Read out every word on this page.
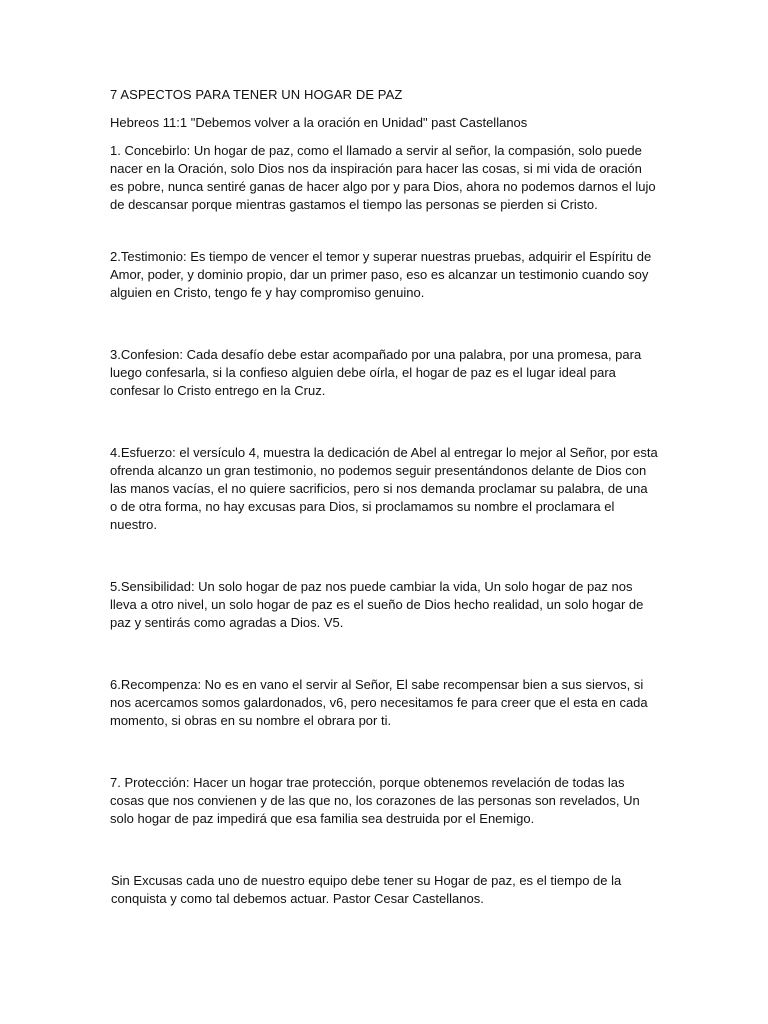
7 ASPECTOS PARA TENER UN HOGAR DE PAZ

Hebreos 11:1 "Debemos volver a la oración en Unidad" past Castellanos

1. Concebirlo: Un hogar de paz, como el llamado a servir al señor, la compasión, solo puede nacer en la Oración, solo Dios nos da inspiración para hacer las cosas, si mi vida de oración es pobre, nunca sentiré ganas de hacer algo por y para Dios, ahora no podemos darnos el lujo de descansar porque mientras gastamos el tiempo las personas se pierden si Cristo.

2.Testimonio: Es tiempo de vencer el temor y superar nuestras pruebas, adquirir el Espíritu de Amor, poder, y dominio propio, dar un primer paso, eso es alcanzar un testimonio cuando soy alguien en Cristo, tengo fe y hay compromiso genuino.

3.Confesion: Cada desafío debe estar acompañado por una palabra, por una promesa, para luego confesarla, si la confieso alguien debe oírla, el hogar de paz es el lugar ideal para confesar lo Cristo entrego en la Cruz.

4.Esfuerzo: el versículo 4, muestra la dedicación de Abel al entregar lo mejor al Señor, por esta ofrenda alcanzo un gran testimonio, no podemos seguir presentándonos delante de Dios con las manos vacías, el no quiere sacrificios, pero si nos demanda proclamar su palabra, de una o de otra forma, no hay excusas para Dios, si proclamamos su nombre el proclamara el nuestro.

5.Sensibilidad: Un solo hogar de paz nos puede cambiar la vida, Un solo hogar de paz nos lleva a otro nivel, un solo hogar de paz es el sueño de Dios hecho realidad, un solo hogar de paz y sentirás como agradas a Dios. V5.

6.Recompenza: No es en vano el servir al Señor, El sabe recompensar bien a sus siervos, si nos acercamos somos galardonados, v6, pero necesitamos fe para creer que el esta en cada momento, si obras en su nombre el obrara por ti.

7. Protección: Hacer un hogar trae protección, porque obtenemos revelación de todas las cosas que nos convienen y de las que no, los corazones de las personas son revelados, Un solo hogar de paz impedirá que esa familia sea destruida por el Enemigo.

Sin Excusas cada uno de nuestro equipo debe tener su Hogar de paz, es el tiempo de la conquista y como tal debemos actuar. Pastor Cesar Castellanos.
